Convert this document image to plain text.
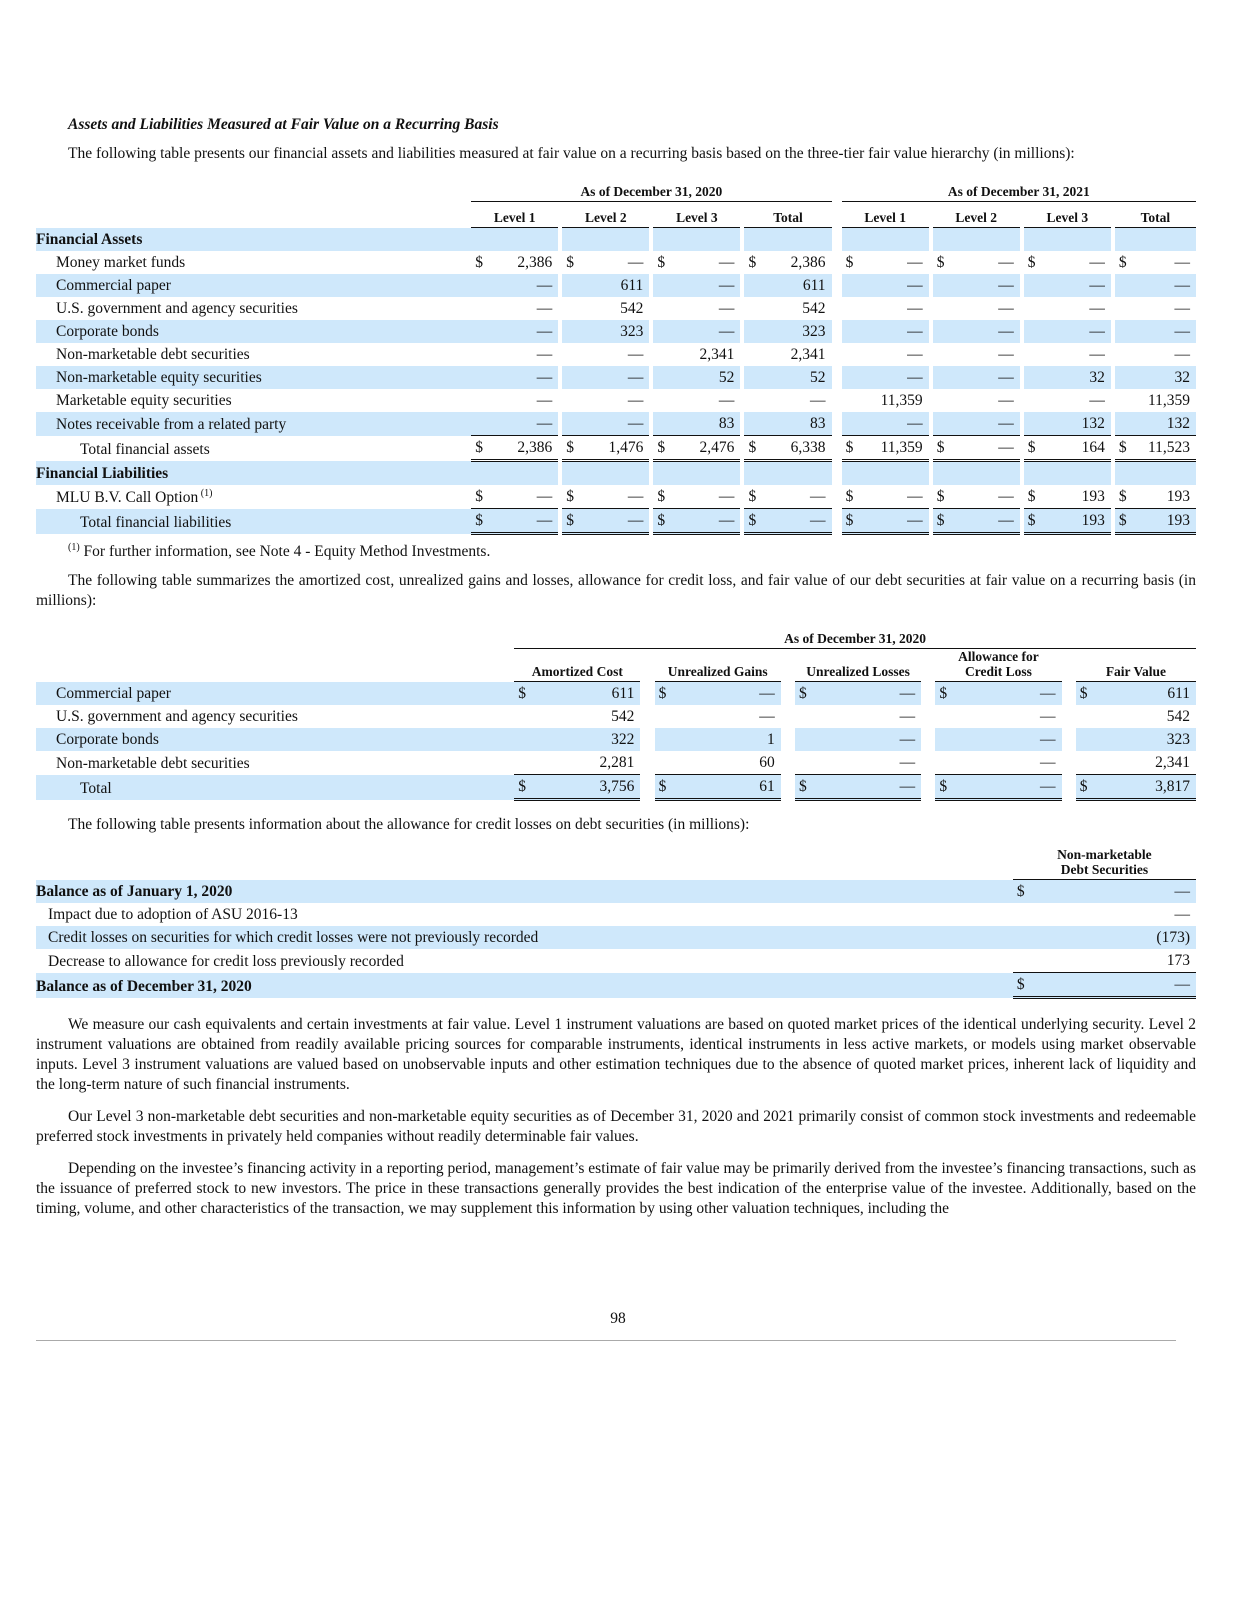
Assets and Liabilities Measured at Fair Value on a Recurring Basis

The following table presents our financial assets and liabilities measured at fair value on a recurring basis based on the three-tier fair value hierarchy (in millions):

	As of December 31, 2020												As of December 31, 2021										
	Level 1			Level 2			Level 3			Total			Level 1			Level 2			Level 3			Total	
Financial Assets																							
Money market funds	$	2,386		$	—		$	—		$	2,386		$	—		$	—		$	—		$	—
Commercial paper		—			611			—			611			—			—			—			—
U.S. government and agency securities		—			542			—			542			—			—			—			—
Corporate bonds		—			323			—			323			—			—			—			—
Non-marketable debt securities		—			—			2,341			2,341			—			—			—			—
Non-marketable equity securities		—			—			52			52			—			—			32			32
Marketable equity securities		—			—			—			—			11,359			—			—			11,359
Notes receivable from a related party		—			—			83			83			—			—			132			132
Total financial assets	$	2,386		$	1,476		$	2,476		$	6,338		$	11,359		$	—		$	164		$	11,523
Financial Liabilities																							
MLU B.V. Call Option $^{(1)}$	$	—		$	—		$	—		$	—		$	—		$	—		$	193		$	193
Total financial liabilities	$	—		$	—		$	—		$	—		$	—		$	—		$	193		$	193
$^{(1)}$ For further information, see Note 4 - Equity Method Investments.

The following table summarizes the amortized cost, unrealized gains and losses, allowance for credit loss, and fair value of our debt securities at fair value on a recurring basis (in millions):

	As of December 31, 2020													
	Amortized Cost			Unrealized Gains			Unrealized Losses			Allowance for Credit Loss			Fair Value	
Commercial paper	$	611		$	—		$	—		$	—		$	611
U.S. government and agency securities		542			—			—			—			542
Corporate bonds		322			1			—			—			323
Non-marketable debt securities		2,281			60			—			—			2,341
Total	$	3,756		$	61		$	—		$	—		$	3,817

The following table presents information about the allowance for credit losses on debt securities (in millions):

	Non-marketable Debt Securities	
Balance as of January 1, 2020	$	—
Impact due to adoption of ASU 2016-13		—
Credit losses on securities for which credit losses were not previously recorded		(173)
Decrease to allowance for credit loss previously recorded		173
Balance as of December 31, 2020	$	—

We measure our cash equivalents and certain investments at fair value. Level 1 instrument valuations are based on quoted market prices of the identical underlying security. Level 2 instrument valuations are obtained from readily available pricing sources for comparable instruments, identical instruments in less active markets, or models using market observable inputs. Level 3 instrument valuations are valued based on unobservable inputs and other estimation techniques due to the absence of quoted market prices, inherent lack of liquidity and the long-term nature of such financial instruments.

Our Level 3 non-marketable debt securities and non-marketable equity securities as of December 31, 2020 and 2021 primarily consist of common stock investments and redeemable preferred stock investments in privately held companies without readily determinable fair values.

Depending on the investee’s financing activity in a reporting period, management’s estimate of fair value may be primarily derived from the investee’s financing transactions, such as the issuance of preferred stock to new investors. The price in these transactions generally provides the best indication of the enterprise value of the investee. Additionally, based on the timing, volume, and other characteristics of the transaction, we may supplement this information by using other valuation techniques, including the

98
